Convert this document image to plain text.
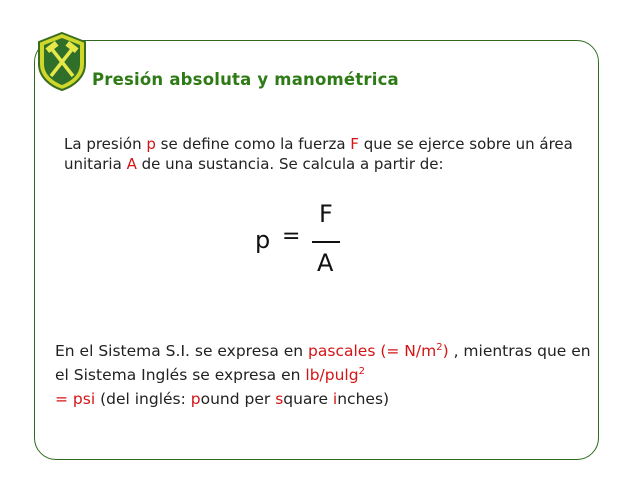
Presión absoluta y manométrica

La presión p se define como la fuerza F que se ejerce sobre un área unitaria A de una sustancia. Se calcula a partir de:

p =
F
A

En el Sistema S.I. se expresa en pascales (= $N/m^2$) , mientras que en el Sistema Inglés se expresa en lb/pulg$^2$
= psi (del inglés: pound per square inches)
